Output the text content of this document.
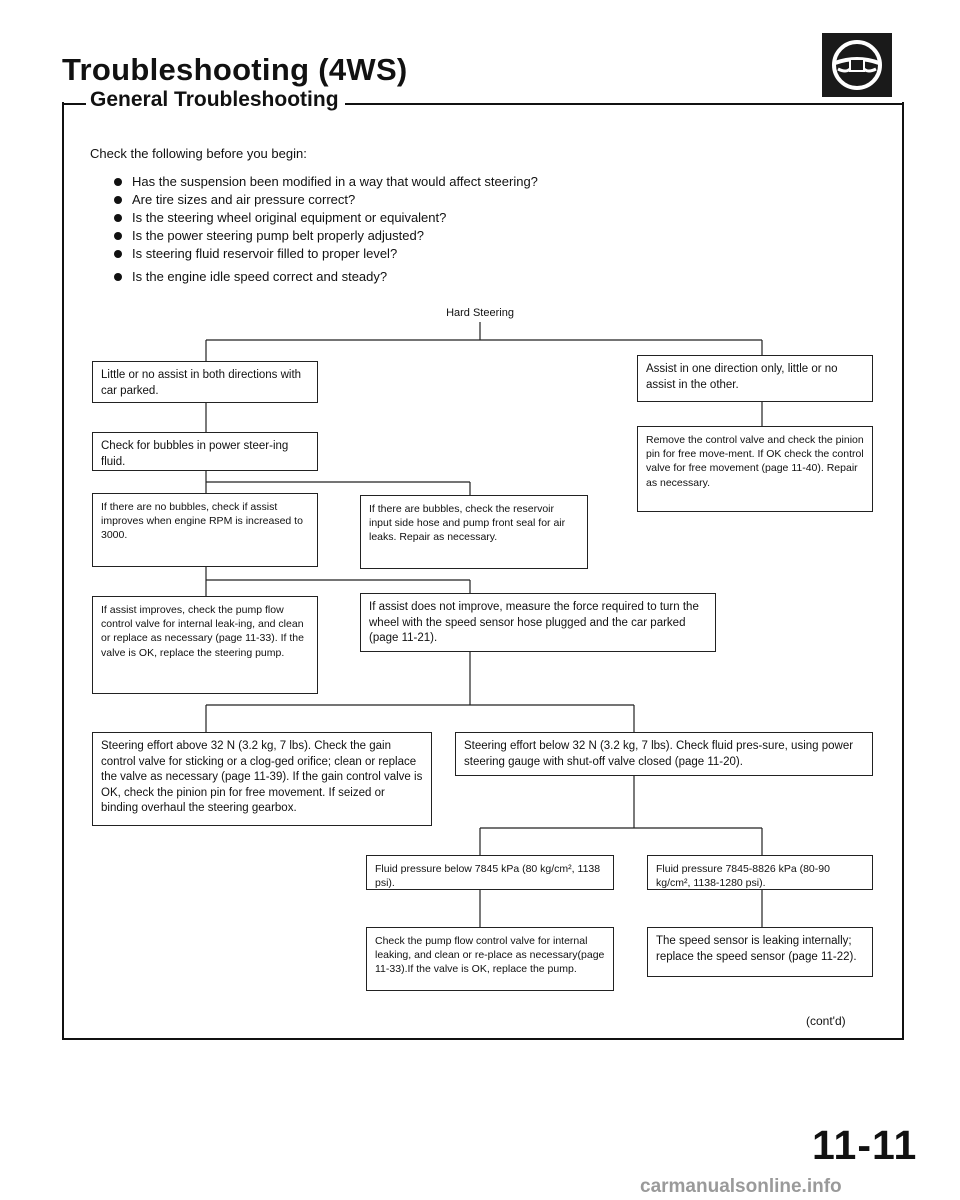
Troubleshooting (4WS)
General Troubleshooting
Check the following before you begin:
Has the suspension been modified in a way that would affect steering?
Are tire sizes and air pressure correct?
Is the steering wheel original equipment or equivalent?
Is the power steering pump belt properly adjusted?
Is steering fluid reservoir filled to proper level?
Is the engine idle speed correct and steady?
Hard Steering
Little or no assist in both directions with car parked.
Assist in one direction only, little or no assist in the other.
Check for bubbles in power steer-ing fluid.
Remove the control valve and check the pinion pin for free move-ment. If OK check the control valve for free movement (page 11-40). Repair as necessary.
If there are no bubbles, check if assist improves when engine RPM is increased to 3000.
If there are bubbles, check the reservoir input side hose and pump front seal for air leaks. Repair as necessary.
If assist improves, check the pump flow control valve for internal leak-ing, and clean or replace as necessary (page 11-33). If the valve is OK, replace the steering pump.
If assist does not improve, measure the force required to turn the wheel with the speed sensor hose plugged and the car parked (page 11-21).
Steering effort above 32 N (3.2 kg, 7 lbs). Check the gain control valve for sticking or a clog-ged orifice; clean or replace the valve as necessary (page 11-39). If the gain control valve is OK, check the pinion pin for free movement. If seized or binding overhaul the steering gearbox.
Steering effort below 32 N (3.2 kg, 7 lbs). Check fluid pres-sure, using power steering gauge with shut-off valve closed (page 11-20).
Fluid pressure below 7845 kPa (80 kg/cm², 1138 psi).
Fluid pressure 7845-8826 kPa (80-90 kg/cm², 1138-1280 psi).
Check the pump flow control valve for internal leaking, and clean or re-place as necessary(page 11-33).If the valve is OK, replace the pump.
The speed sensor is leaking internally; replace the speed sensor (page 11-22).
(cont'd)
11-11
carmanualsonline.info
